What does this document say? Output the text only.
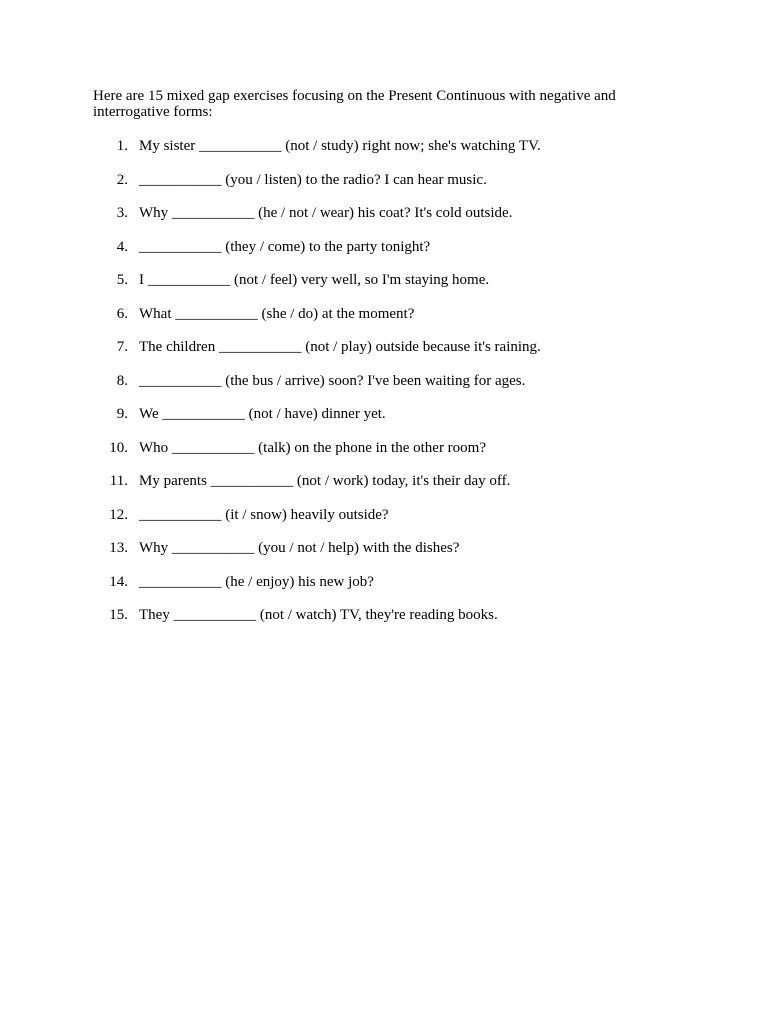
Here are 15 mixed gap exercises focusing on the Present Continuous with negative and interrogative forms:

1. My sister ___________ (not / study) right now; she's watching TV.
2. ___________ (you / listen) to the radio? I can hear music.
3. Why ___________ (he / not / wear) his coat? It's cold outside.
4. ___________ (they / come) to the party tonight?
5. I ___________ (not / feel) very well, so I'm staying home.
6. What ___________ (she / do) at the moment?
7. The children ___________ (not / play) outside because it's raining.
8. ___________ (the bus / arrive) soon? I've been waiting for ages.
9. We ___________ (not / have) dinner yet.
10. Who ___________ (talk) on the phone in the other room?
11. My parents ___________ (not / work) today, it's their day off.
12. ___________ (it / snow) heavily outside?
13. Why ___________ (you / not / help) with the dishes?
14. ___________ (he / enjoy) his new job?
15. They ___________ (not / watch) TV, they're reading books.
